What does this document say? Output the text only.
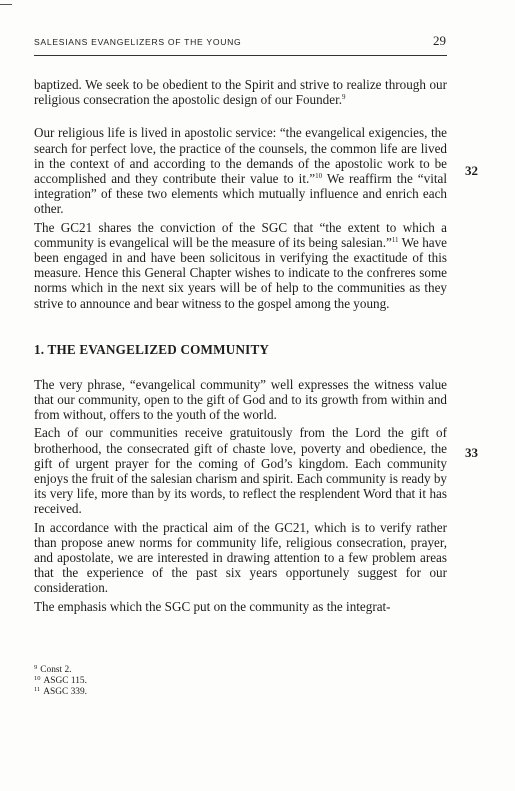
SALESIANS EVANGELIZERS OF THE YOUNG	29
32
33

baptized. We seek to be obedient to the Spirit and strive to realize through our religious consecration the apostolic design of our Founder.$^9$

Our religious life is lived in apostolic service: “the evangelical exigencies, the search for perfect love, the practice of the counsels, the common life are lived in the context of and according to the demands of the apostolic work to be accomplished and they contribute their value to it.”$^{10}$ We reaffirm the “vital integration” of these two elements which mutually influence and enrich each other.

The GC21 shares the conviction of the SGC that “the extent to which a community is evangelical will be the measure of its being salesian.”$^{11}$ We have been engaged in and have been solicitous in verifying the exactitude of this measure. Hence this General Chapter wishes to indicate to the confreres some norms which in the next six years will be of help to the communities as they strive to announce and bear witness to the gospel among the young.

1. THE EVANGELIZED COMMUNITY

The very phrase, “evangelical community” well expresses the witness value that our community, open to the gift of God and to its growth from within and from without, offers to the youth of the world.

Each of our communities receive gratuitously from the Lord the gift of brotherhood, the consecrated gift of chaste love, poverty and obedience, the gift of urgent prayer for the coming of God’s kingdom. Each community enjoys the fruit of the salesian charism and spirit. Each community is ready by its very life, more than by its words, to reflect the resplendent Word that it has received.

In accordance with the practical aim of the GC21, which is to verify rather than propose anew norms for community life, religious consecration, prayer, and apostolate, we are interested in drawing attention to a few problem areas that the experience of the past six years opportunely suggest for our consideration.

The emphasis which the SGC put on the community as the integrat-

$^9$ Const 2.
$^{10}$ ASGC 115.
$^{11}$ ASGC 339.
